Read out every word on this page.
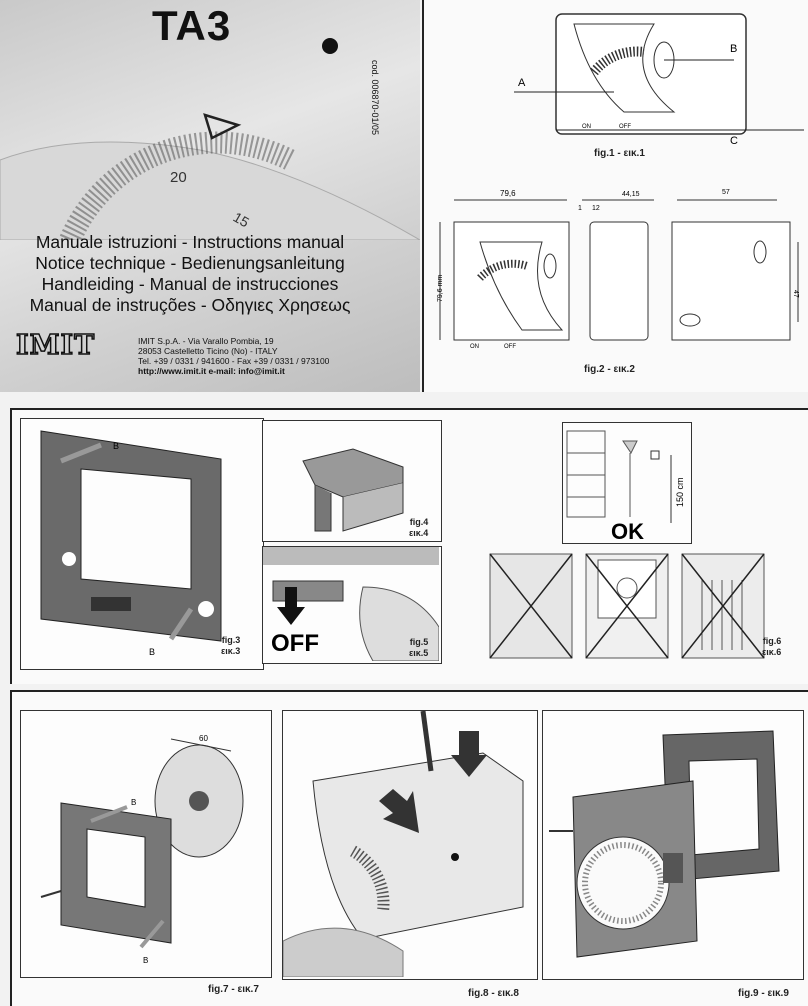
TA3
cod. 006870-01/05
20
15
Manuale istruzioni - Instructions manual
Notice technique - Bedienungsanleitung
Handleiding - Manual de instrucciones
Manual de instruções - Οδηγιες Χρησεως
IMIT	IMIT S.p.A. - Via Varallo Pombia, 19
28053 Castelletto Ticino (No) - ITALY
Tel. +39 / 0331 / 941600 - Fax +39 / 0331 / 973100
http://www.imit.it e-mail: info@imit.it
A
B
C
ON	OFF
fig.1 - εικ.1
79,6
79,6 mm
ON	OFF
1 12
44,15	57
47
fig.2 - εικ.2
B
B
fig.3
εικ.3
fig.4
εικ.4
OFF	fig.5
εικ.5
150 cm
OK
fig.6
εικ.6
60
B
B
fig.7 - εικ.7	fig.8 - εικ.8	fig.9 - εικ.9
